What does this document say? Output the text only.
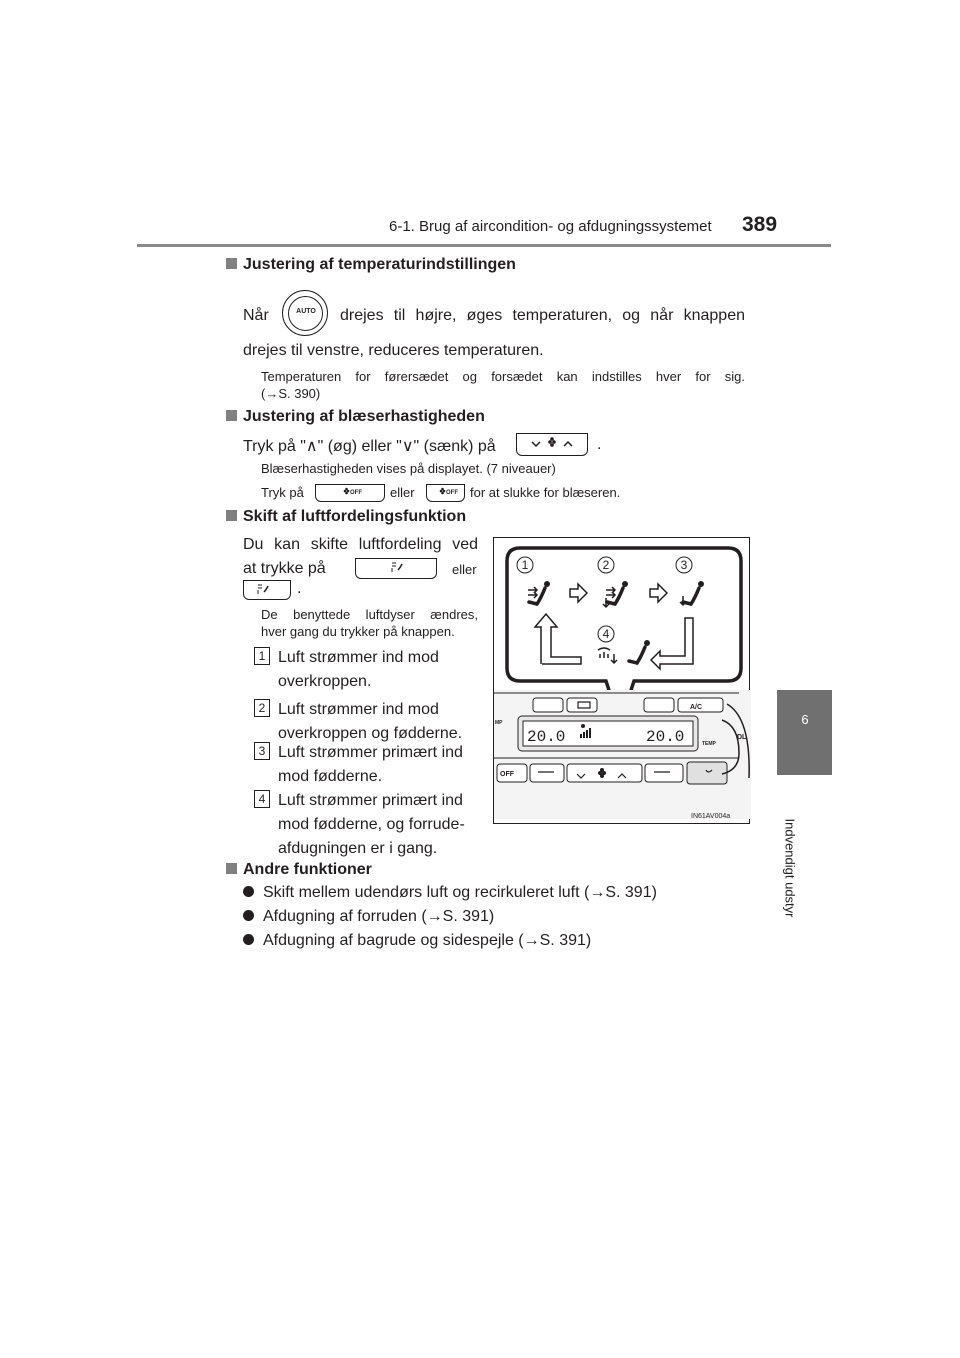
6-1. Brug af aircondition- og afdugningssystemet 389
6
Indvendigt udstyr
Justering af temperaturindstillingen
Når	AUTO	drejes til højre, øges temperaturen, og når knappen
drejes til venstre, reduceres temperaturen.
Temperaturen for førersædet og forsædet kan indstilles hver for sig.
(→S. 390)
Justering af blæserhastigheden
Tryk på "∧" (øg) eller "∨" (sænk) på	.
Blæserhastigheden vises på displayet. (7 niveauer)
Tryk på	OFF eller	OFF for at slukke for blæseren.
Skift af luftfordelingsfunktion
Du kan skifte luftfordeling ved
at trykke på	eller
.
De benyttede luftdyser ændres,
hver gang du trykker på knappen.
1 Luft strømmer ind mod
overkroppen.
2 Luft strømmer ind mod
overkroppen og fødderne.
3 Luft strømmer primært ind
mod fødderne.
4 Luft strømmer primært ind
mod fødderne, og forrude-
afdugningen er i gang.
1	2	3
4
20.0	20.0
A/C
MP
TEMP
OFF
DL
IN61AV004a
Andre funktioner
Skift mellem udendørs luft og recirkuleret luft (→S. 391)
Afdugning af forruden (→S. 391)
Afdugning af bagrude og sidespejle (→S. 391)
